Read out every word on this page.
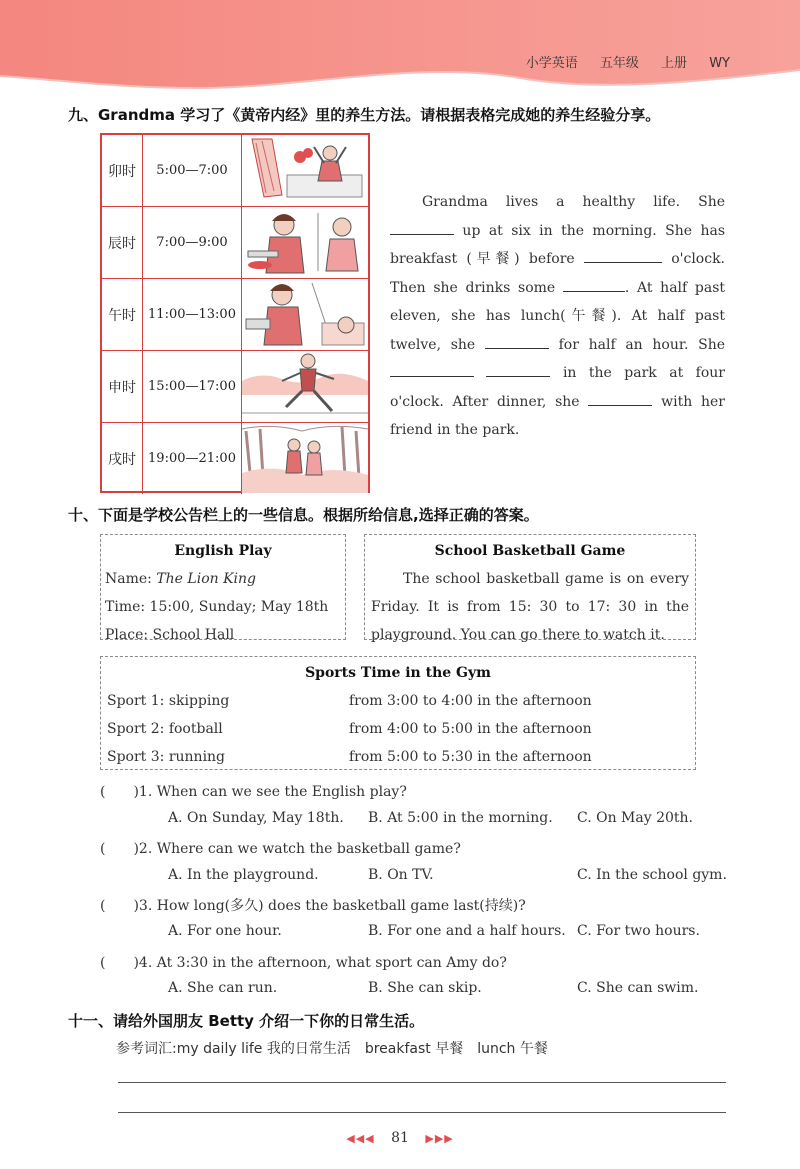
小学英语 五年级 上册 WY
九、Grandma 学习了《黄帝内经》里的养生方法。请根据表格完成她的养生经验分享。
卯时	5:00—7:00
辰时	7:00—9:00
午时 11:00—13:00
申时 15:00—17:00
戌时 19:00—21:00
Grandma lives a healthy life. She  up at six in the morning. She has breakfast (早餐) before	o'clock. Then she drinks some	. At half past eleven, she has lunch(午餐). At half past twelve, she	for half an hour. She   in the park at four o'clock. After dinner, she	with her friend in the park.
十、下面是学校公告栏上的一些信息。根据所给信息,选择正确的答案。
English Play
Name: The Lion King
Time: 15:00, Sunday; May 18th
Place: School Hall
School Basketball Game
The school basketball game is on every Friday. It is from 15: 30 to 17: 30 in the playground. You can go there to watch it.
Sports Time in the Gym
Sport 1: skipping	from 3:00 to 4:00 in the afternoon
Sport 2: football	from 4:00 to 5:00 in the afternoon
Sport 3: running	from 5:00 to 5:30 in the afternoon
(　　)1. When can we see the English play?
A. On Sunday, May 18th. B. At 5:00 in the morning. C. On May 20th.
(　　)2. Where can we watch the basketball game?
A. In the playground.	B. On TV.	C. In the school gym.
(　　)3. How long(多久) does the basketball game last(持续)?
A. For one hour.	B. For one and a half hours. C. For two hours.
(　　)4. At 3:30 in the afternoon, what sport can Amy do?
A. She can run.	B. She can skip.	C. She can swim.
十一、请给外国朋友 Betty 介绍一下你的日常生活。
参考词汇:my daily life 我的日常生活　breakfast 早餐　lunch 午餐
◀◀◀ 81 ▶▶▶
